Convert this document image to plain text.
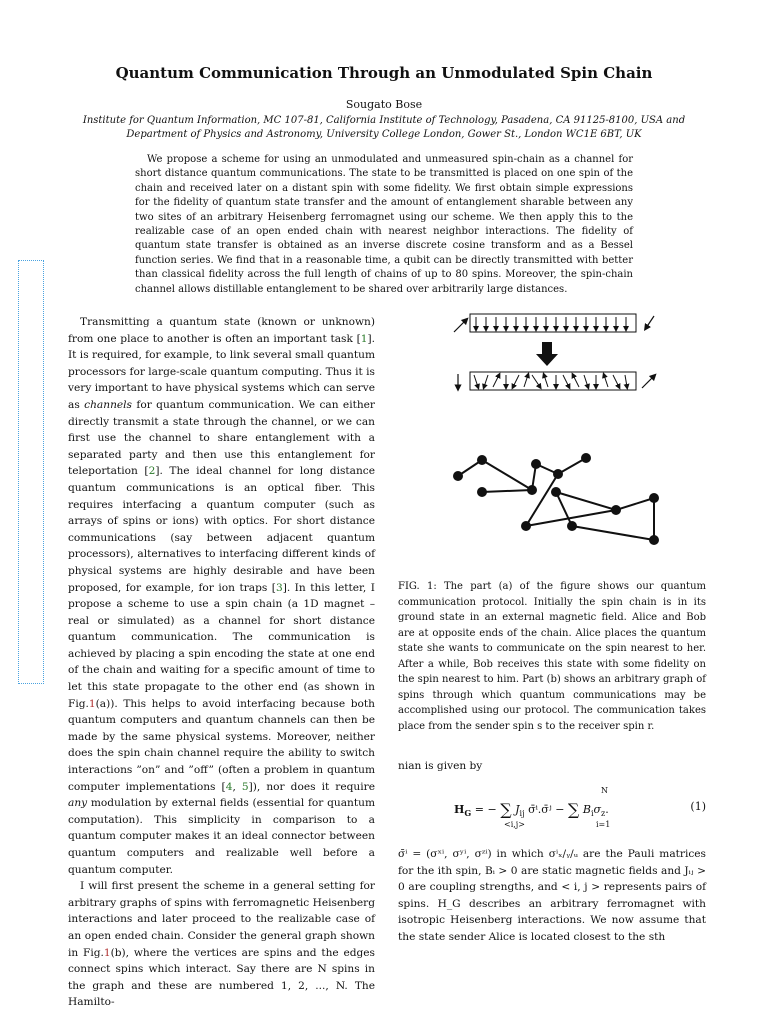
Quantum Communication Through an Unmodulated Spin Chain
Sougato Bose
Institute for Quantum Information, MC 107-81, California Institute of Technology, Pasadena, CA 91125-8100, USA and
Department of Physics and Astronomy, University College London, Gower St., London WC1E 6BT, UK
We propose a scheme for using an unmodulated and unmeasured spin-chain as a channel for short distance quantum communications. The state to be transmitted is placed on one spin of the chain and received later on a distant spin with some fidelity. We first obtain simple expressions for the fidelity of quantum state transfer and the amount of entanglement sharable between any two sites of an arbitrary Heisenberg ferromagnet using our scheme. We then apply this to the realizable case of an open ended chain with nearest neighbor interactions. The fidelity of quantum state transfer is obtained as an inverse discrete cosine transform and as a Bessel function series. We find that in a reasonable time, a qubit can be directly transmitted with better than classical fidelity across the full length of chains of up to 80 spins. Moreover, the spin-chain channel allows distillable entanglement to be shared over arbitrarily large distances.

Transmitting a quantum state (known or unknown) from one place to another is often an important task [1]. It is required, for example, to link several small quantum processors for large-scale quantum computing. Thus it is very important to have physical systems which can serve as channels for quantum communication. We can either directly transmit a state through the channel, or we can first use the channel to share entanglement with a separated party and then use this entanglement for teleportation [2]. The ideal channel for long distance quantum communications is an optical fiber. This requires interfacing a quantum computer (such as arrays of spins or ions) with optics. For short distance communications (say between adjacent quantum processors), alternatives to interfacing different kinds of physical systems are highly desirable and have been proposed, for example, for ion traps [3]. In this letter, I propose a scheme to use a spin chain (a 1D magnet – real or simulated) as a channel for short distance quantum communication. The communication is achieved by placing a spin encoding the state at one end of the chain and waiting for a specific amount of time to let this state propagate to the other end (as shown in Fig.1(a)). This helps to avoid interfacing because both quantum computers and quantum channels can then be made by the same physical systems. Moreover, neither does the spin chain channel require the ability to switch interactions ”on” and ”off” (often a problem in quantum computer implementations [4, 5]), nor does it require any modulation by external fields (essential for quantum computation). This simplicity in comparison to a quantum computer makes it an ideal connector between quantum computers and realizable well before a quantum computer.

I will first present the scheme in a general setting for arbitrary graphs of spins with ferromagnetic Heisenberg interactions and later proceed to the realizable case of an open ended chain. Consider the general graph shown in Fig.1(b), where the vertices are spins and the edges connect spins which interact. Say there are N spins in the graph and these are numbered 1, 2, ..., N. The Hamilto-

FIG. 1: The part (a) of the figure shows our quantum communication protocol. Initially the spin chain is in its ground state in an external magnetic field. Alice and Bob are at opposite ends of the chain. Alice places the quantum state she wants to communicate on the spin nearest to her. After a while, Bob receives this state with some fidelity on the spin nearest to him. Part (b) shows an arbitrary graph of spins through which quantum communications may be accomplished using our protocol. The communication takes place from the sender spin s to the receiver spin r.
nian is given by
$H_G$ = − ∑ $J_{ij}$ σ̄ⁱ.σ̄ʲ − ∑ $B_i\sigma_z$.
<i,j>
N
i=1
(1)

σ̄ⁱ = (σˣⁱ, σʸⁱ, σᶻⁱ) in which σⁱₓ/ᵧ/ᵤ are the Pauli matrices for the ith spin, Bᵢ > 0 are static magnetic fields and Jᵢⱼ > 0 are coupling strengths, and < i, j > represents pairs of spins. H_G describes an arbitrary ferromagnet with isotropic Heisenberg interactions. We now assume that the state sender Alice is located closest to the sth
